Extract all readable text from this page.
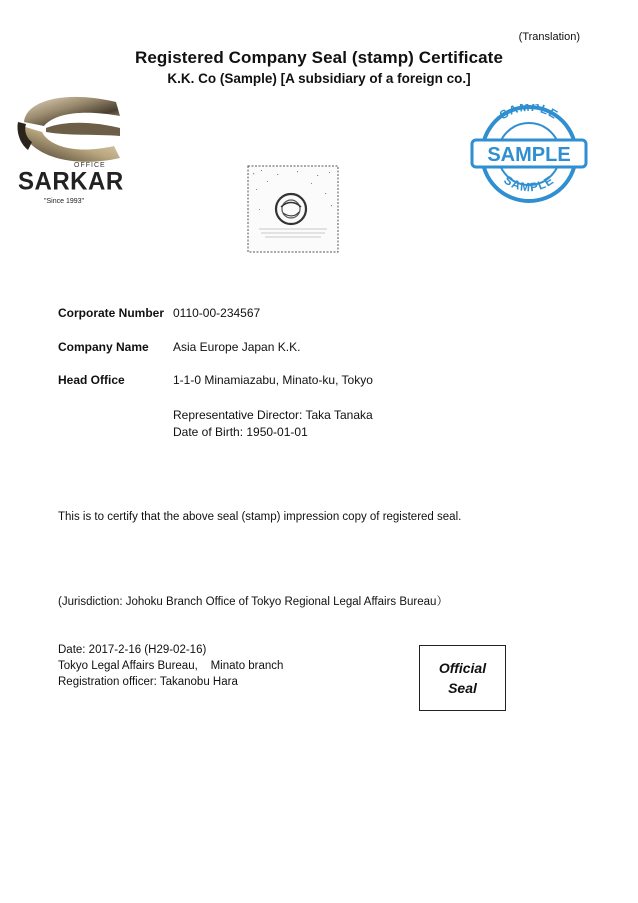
(Translation)
Registered Company Seal (stamp) Certificate
K.K. Co (Sample) [A subsidiary of a foreign co.]
OFFICE
SARKAR
"Since 1993"
SAMPLE
SAMPLE
SAMPLE
Corporate Number 0110-00-234567
Company Name Asia Europe Japan K.K.
Head Office	1-1-0 Minamiazabu, Minato-ku, Tokyo
Representative Director: Taka Tanaka
Date of Birth: 1950-01-01
This is to certify that the above seal (stamp) impression copy of registered seal.
(Jurisdiction: Johoku Branch Office of Tokyo Regional Legal Affairs Bureau）
Date: 2017-2-16 (H29-02-16)
Tokyo Legal Affairs Bureau,    Minato branch
Registration officer: Takanobu Hara
Official
Seal
